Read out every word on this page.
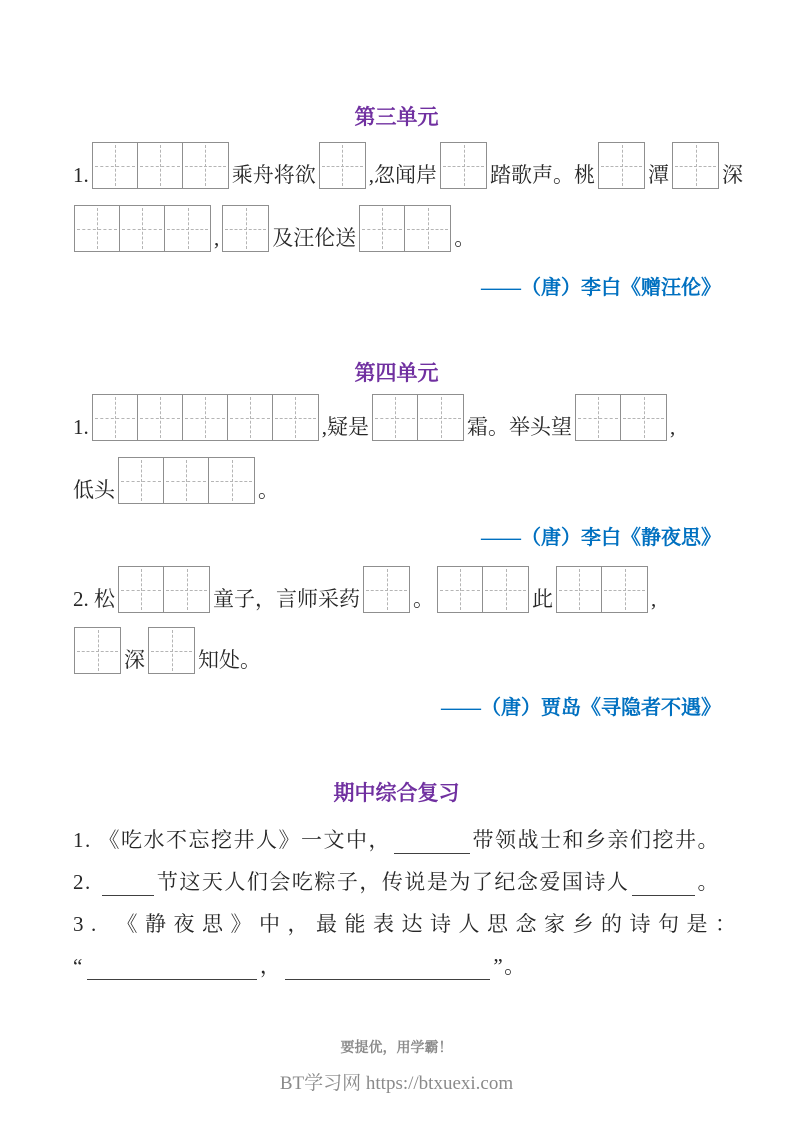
第三单元
1.	乘舟将欲	,忽闻岸	踏歌声。桃	潭	深
,	及汪伦送	。
——（唐）李白《赠汪伦》
第四单元
1.	,疑是	霜。举头望	,
低头	。
——（唐）李白《静夜思》
2. 松	童子，言师采药	。	此	,
深	知处。
——（唐）贾岛《寻隐者不遇》
期中综合复习
1. 《吃水不忘挖井人》一文中，	带领战士和乡亲们挖井。
2.	节这天人们会吃粽子，传说是为了纪念爱国诗人	。
3. 《静夜思》中，最能表达诗人思念家乡的诗句是：
“	，	”。
要提优，用学霸！
BT学习网 https://btxuexi.com
